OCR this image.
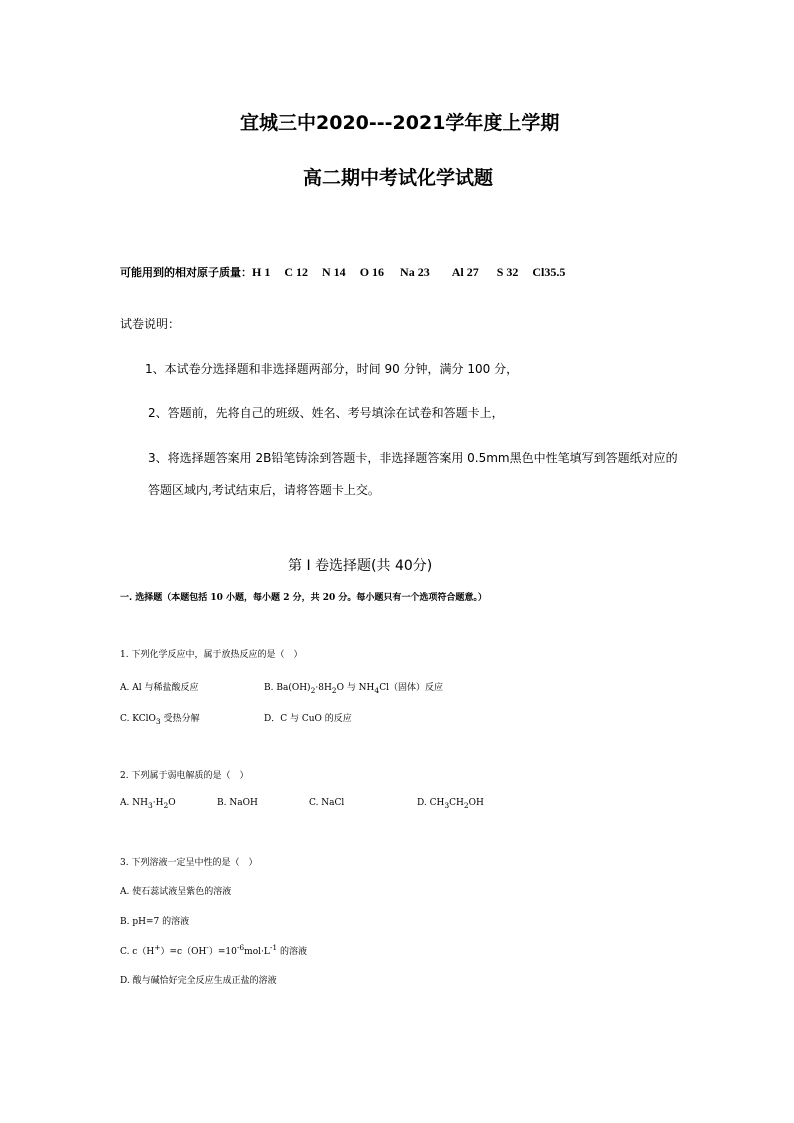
宜城三中2020---2021学年度上学期
高二期中考试化学试题
可能用到的相对原子质量：H 1 C 12 N 14 O 16 Na 23 Al 27 S 32 Cl35.5
试卷说明：
1、本试卷分选择题和非选择题两部分，时间 90 分钟，满分 100 分，
2、答题前，先将自己的班级、姓名、考号填涂在试卷和答题卡上，
3、将选择题答案用 2B铅笔铸涂到答题卡，非选择题答案用 0.5mm黑色中性笔填写到答题纸对应的
答题区域内,考试结束后，请将答题卡上交。
第 I 卷选择题(共 40分)
一. 选择题（本题包括 10 小题，每小题 2 分，共 20 分。每小题只有一个选项符合题意。）
1. 下列化学反应中，属于放热反应的是（　）
A. Al 与稀盐酸反应	B. $Ba(OH)_2\cdot 8H_2O$ 与 $NH_4Cl$（固体）反应
C. KClO$_3$ 受热分解	D．C 与 CuO 的反应
2. 下列属于弱电解质的是（　）
A. $NH_3\cdot H_2O$	B. NaOH	C. NaCl	D. $CH_3CH_2OH$
3. 下列溶液一定呈中性的是（　）
A. 使石蕊试液呈紫色的溶液
B. pH=7 的溶液
C. $c(H^+)=c(OH^-)=10^{-6}mol\cdot L^{-1}$ 的溶液
D. 酸与碱恰好完全反应生成正盐的溶液
